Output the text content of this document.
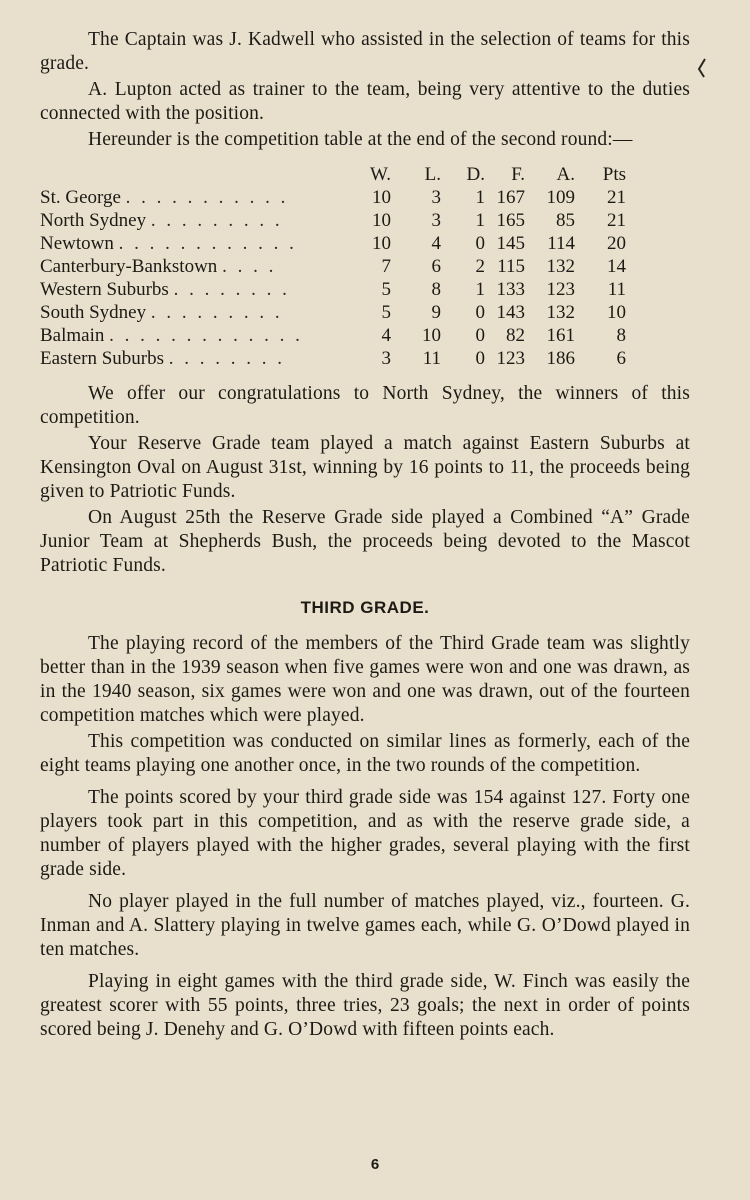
The Captain was J. Kadwell who assisted in the selection of teams for this grade.

A. Lupton acted as trainer to the team, being very attentive to the duties connected with the position.

Hereunder is the competition table at the end of the second round:—

	W.	L.	D.	F.	A.	Pts
St. George . . . . . . . . . . .	10	3	1	167	109	21
North Sydney . . . . . . . . .	10	3	1	165	85	21
Newtown . . . . . . . . . . . .	10	4	0	145	114	20
Canterbury-Bankstown . . . .	7	6	2	115	132	14
Western Suburbs . . . . . . . .	5	8	1	133	123	11
South Sydney . . . . . . . . .	5	9	0	143	132	10
Balmain . . . . . . . . . . . . .	4	10	0	82	161	8
Eastern Suburbs . . . . . . . .	3	11	0	123	186	6

We offer our congratulations to North Sydney, the winners of this competition.

Your Reserve Grade team played a match against Eastern Suburbs at Kensington Oval on August 31st, winning by 16 points to 11, the proceeds being given to Patriotic Funds.

On August 25th the Reserve Grade side played a Combined “A” Grade Junior Team at Shepherds Bush, the proceeds being devoted to the Mascot Patriotic Funds.

THIRD GRADE.

The playing record of the members of the Third Grade team was slightly better than in the 1939 season when five games were won and one was drawn, as in the 1940 season, six games were won and one was drawn, out of the fourteen competition matches which were played.

This competition was conducted on similar lines as formerly, each of the eight teams playing one another once, in the two rounds of the competition.

The points scored by your third grade side was 154 against 127. Forty one players took part in this competition, and as with the reserve grade side, a number of players played with the higher grades, several playing with the first grade side.

No player played in the full number of matches played, viz., fourteen. G. Inman and A. Slattery playing in twelve games each, while G. O’Dowd played in ten matches.

Playing in eight games with the third grade side, W. Finch was easily the greatest scorer with 55 points, three tries, 23 goals; the next in order of points scored being J. Denehy and G. O’Dowd with fifteen points each.

6
